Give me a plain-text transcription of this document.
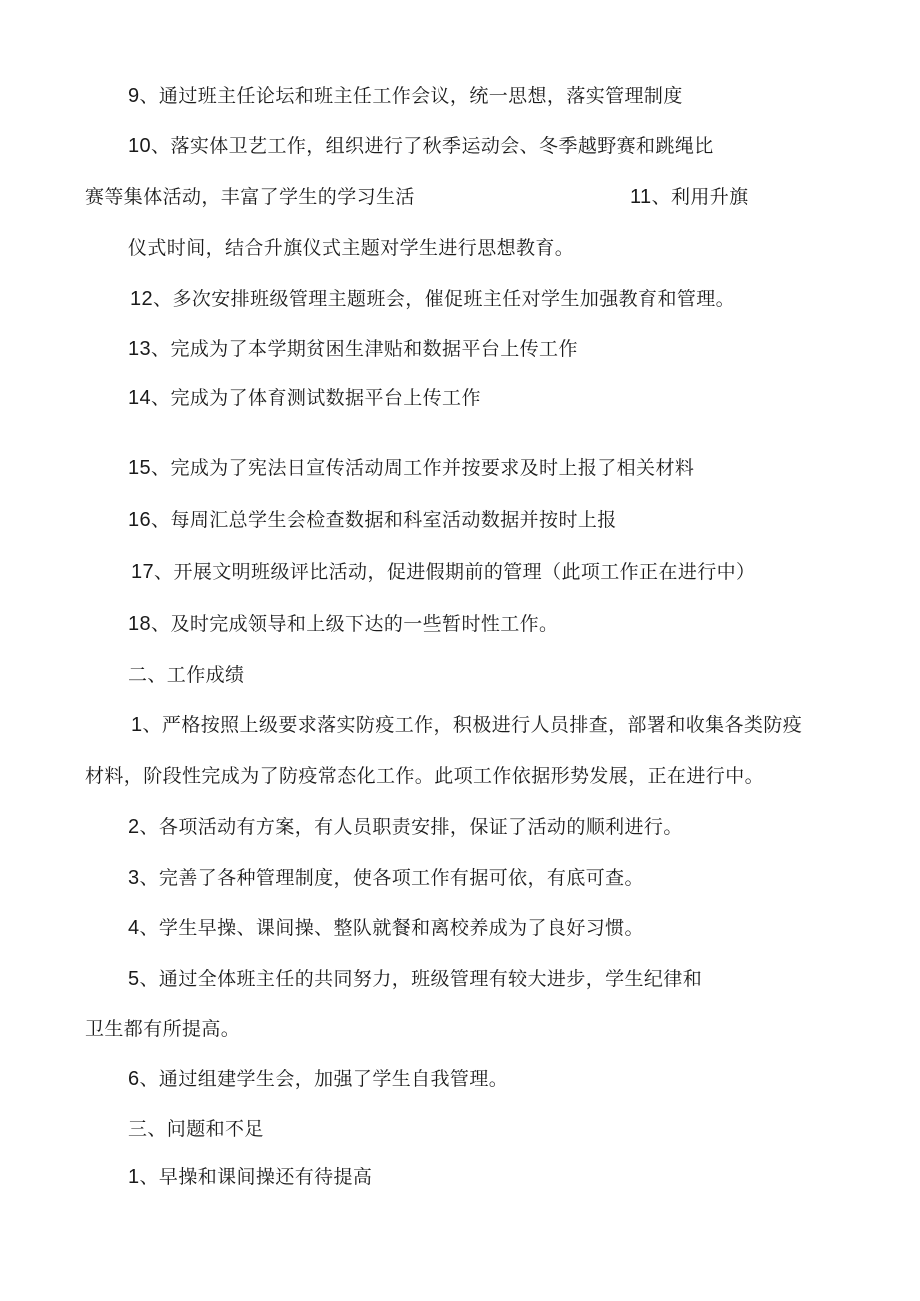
9、通过班主任论坛和班主任工作会议，统一思想，落实管理制度
10、落实体卫艺工作，组织进行了秋季运动会、冬季越野赛和跳绳比
赛等集体活动，丰富了学生的学习生活	11、利用升旗
仪式时间，结合升旗仪式主题对学生进行思想教育。
12、多次安排班级管理主题班会，催促班主任对学生加强教育和管理。
13、完成为了本学期贫困生津贴和数据平台上传工作
14、完成为了体育测试数据平台上传工作
15、完成为了宪法日宣传活动周工作并按要求及时上报了相关材料
16、每周汇总学生会检查数据和科室活动数据并按时上报
17、开展文明班级评比活动，促进假期前的管理（此项工作正在进行中）
18、及时完成领导和上级下达的一些暂时性工作。
二、工作成绩
1、严格按照上级要求落实防疫工作，积极进行人员排查，部署和收集各类防疫
材料，阶段性完成为了防疫常态化工作。此项工作依据形势发展，正在进行中。
2、各项活动有方案，有人员职责安排，保证了活动的顺利进行。
3、完善了各种管理制度，使各项工作有据可依，有底可查。
4、学生早操、课间操、整队就餐和离校养成为了良好习惯。
5、通过全体班主任的共同努力，班级管理有较大进步，学生纪律和
卫生都有所提高。
6、通过组建学生会，加强了学生自我管理。
三、问题和不足
1、早操和课间操还有待提高
